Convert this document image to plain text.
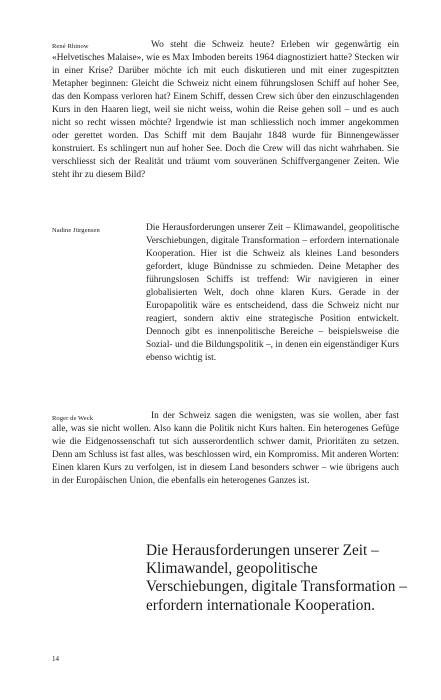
René Rhinow	Wo steht die Schweiz heute? Erleben wir gegenwärtig ein «Helvetisches Malaise», wie es Max Imboden bereits 1964 diagnostiziert hatte? Stecken wir in einer Krise? Darüber möchte ich mit euch diskutieren und mit einer zugespitzten Metapher beginnen: Gleicht die Schweiz nicht einem führungslosen Schiff auf hoher See, das den Kompass verloren hat? Einem Schiff, dessen Crew sich über den einzuschlagenden Kurs in den Haaren liegt, weil sie nicht weiss, wohin die Reise gehen soll – und es auch nicht so recht wissen möchte? Irgendwie ist man schliesslich noch immer angekommen oder gerettet worden. Das Schiff mit dem Baujahr 1848 wurde für Binnengewässer konstruiert. Es schlingert nun auf hoher See. Doch die Crew will das nicht wahrhaben. Sie verschliesst sich der Realität und träumt vom souveränen Schiffvergangener Zeiten. Wie steht ihr zu diesem Bild?

Nadine Jürgensen	Die Herausforderungen unserer Zeit – Klimawandel, geopolitische Verschiebungen, digitale Transformation – erfordern internationale Kooperation. Hier ist die Schweiz als kleines Land besonders gefordert, kluge Bündnisse zu schmieden. Deine Metapher des führungslosen Schiffs ist treffend: Wir navigieren in einer globalisierten Welt, doch ohne klaren Kurs. Gerade in der Europapolitik wäre es entscheidend, dass die Schweiz nicht nur reagiert, sondern aktiv eine strategische Position entwickelt. Dennoch gibt es innenpolitische Bereiche – beispielsweise die Sozial- und die Bildungspolitik –, in denen ein eigenständiger Kurs ebenso wichtig ist.

Roger de Weck	In der Schweiz sagen die wenigsten, was sie wollen, aber fast alle, was sie nicht wollen. Also kann die Politik nicht Kurs halten. Ein heterogenes Gefüge wie die Eidgenossenschaft tut sich ausserordentlich schwer damit, Prioritäten zu setzen. Denn am Schluss ist fast alles, was beschlossen wird, ein Kompromiss. Mit anderen Worten: Einen klaren Kurs zu verfolgen, ist in diesem Land besonders schwer – wie übrigens auch in der Europäischen Union, die ebenfalls ein heterogenes Ganzes ist.

Die Herausforderungen unserer Zeit – Klimawandel, geopolitische Verschiebungen, digitale Transformation – erfordern internationale Kooperation.

14
